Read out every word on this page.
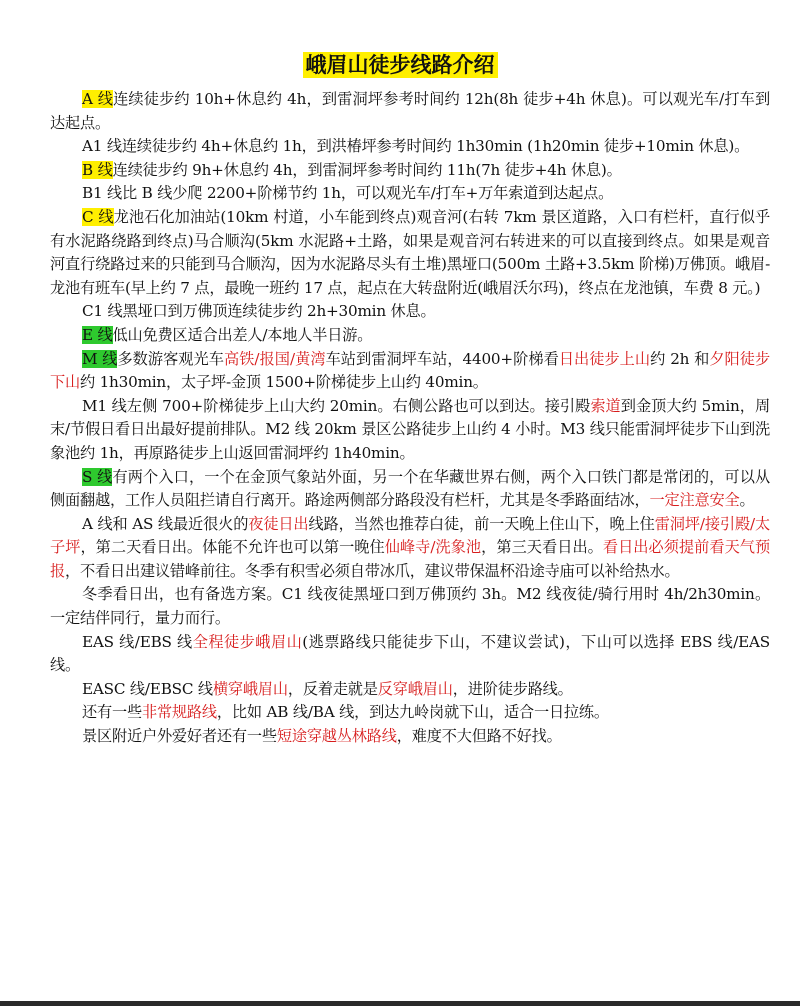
峨眉山徒步线路介绍

A 线连续徒步约 10h+休息约 4h，到雷洞坪参考时间约 12h(8h 徒步+4h 休息)。可以观光车/打车到达起点。

A1 线连续徒步约 4h+休息约 1h，到洪椿坪参考时间约 1h30min (1h20min 徒步+10min 休息)。

B 线连续徒步约 9h+休息约 4h，到雷洞坪参考时间约 11h(7h 徒步+4h 休息)。

B1 线比 B 线少爬 2200+阶梯节约 1h，可以观光车/打车+万年索道到达起点。

C 线龙池石化加油站(10km 村道，小车能到终点)观音河(右转 7km 景区道路，入口有栏杆，直行似乎有水泥路绕路到终点)马合顺沟(5km 水泥路+土路，如果是观音河右转进来的可以直接到终点。如果是观音河直行绕路过来的只能到马合顺沟，因为水泥路尽头有土堆)黑垭口(500m 土路+3.5km 阶梯)万佛顶。峨眉-龙池有班车(早上约 7 点，最晚一班约 17 点，起点在大转盘附近(峨眉沃尔玛)，终点在龙池镇，车费 8 元。)

C1 线黑垭口到万佛顶连续徒步约 2h+30min 休息。

E 线低山免费区适合出差人/本地人半日游。

M 线多数游客观光车高铁/报国/黄湾车站到雷洞坪车站，4400+阶梯看日出徒步上山约 2h 和夕阳徒步下山约 1h30min，太子坪-金顶 1500+阶梯徒步上山约 40min。

M1 线左侧 700+阶梯徒步上山大约 20min。右侧公路也可以到达。接引殿索道到金顶大约 5min，周末/节假日看日出最好提前排队。M2 线 20km 景区公路徒步上山约 4 小时。M3 线只能雷洞坪徒步下山到洗象池约 1h，再原路徒步上山返回雷洞坪约 1h40min。

S 线有两个入口，一个在金顶气象站外面，另一个在华藏世界右侧，两个入口铁门都是常闭的，可以从侧面翻越，工作人员阻拦请自行离开。路途两侧部分路段没有栏杆，尤其是冬季路面结冰，一定注意安全。

A 线和 AS 线最近很火的夜徒日出线路，当然也推荐白徒，前一天晚上住山下，晚上住雷洞坪/接引殿/太子坪，第二天看日出。体能不允许也可以第一晚住仙峰寺/洗象池，第三天看日出。看日出必须提前看天气预报，不看日出建议错峰前往。冬季有积雪必须自带冰爪，建议带保温杯沿途寺庙可以补给热水。

冬季看日出，也有备选方案。C1 线夜徒黑垭口到万佛顶约 3h。M2 线夜徒/骑行用时 4h/2h30min。一定结伴同行，量力而行。

EAS 线/EBS 线全程徒步峨眉山(逃票路线只能徒步下山，不建议尝试)，下山可以选择 EBS 线/EAS 线。

EASC 线/EBSC 线横穿峨眉山，反着走就是反穿峨眉山，进阶徒步路线。

还有一些非常规路线，比如 AB 线/BA 线，到达九岭岗就下山，适合一日拉练。

景区附近户外爱好者还有一些短途穿越丛林路线，难度不大但路不好找。
